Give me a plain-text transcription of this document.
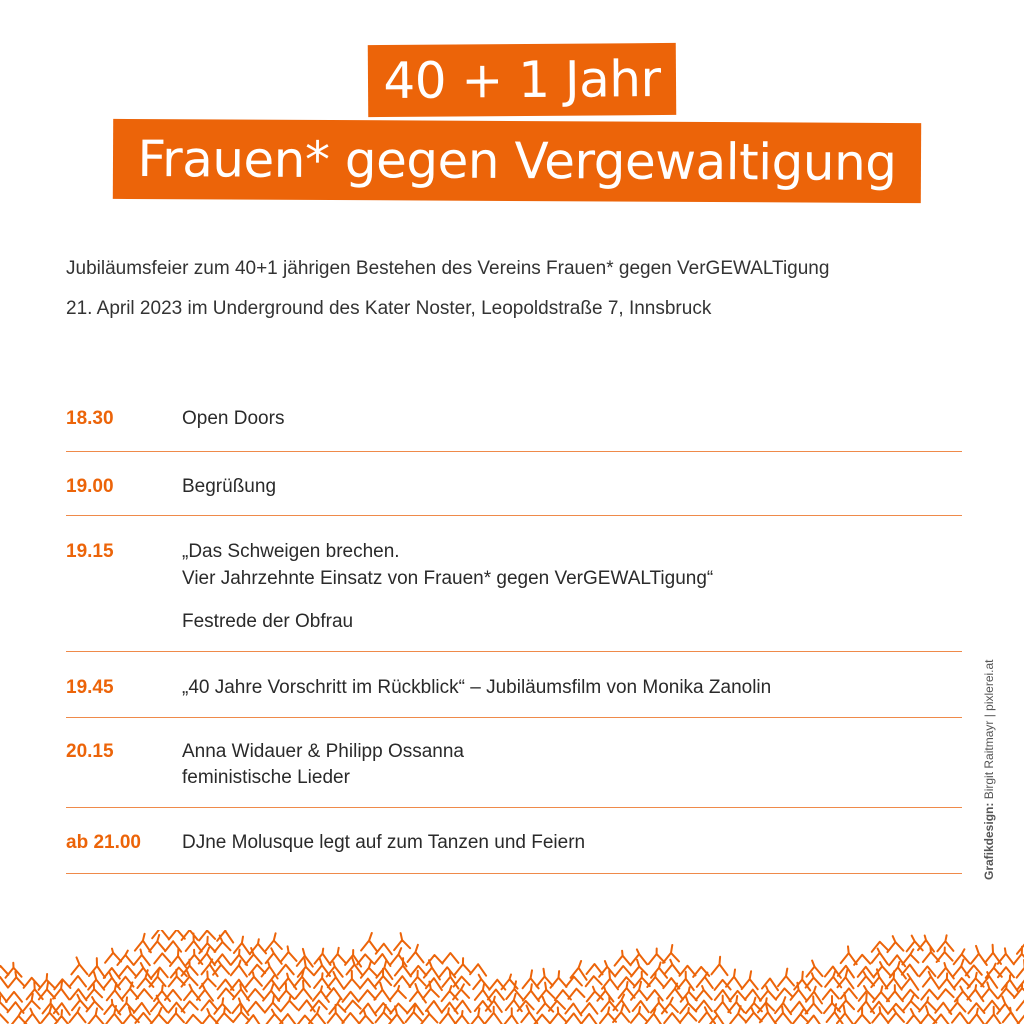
40 + 1 Jahr
Frauen* gegen Vergewaltigung
Jubiläumsfeier zum 40+1 jährigen Bestehen des Vereins Frauen* gegen VerGEWALTigung
21. April 2023 im Underground des Kater Noster, Leopoldstraße 7, Innsbruck
18.30	Open Doors
19.00	Begrüßung
19.15	„Das Schweigen brechen.
Vier Jahrzehnte Einsatz von Frauen* gegen VerGEWALTigung“
Festrede der Obfrau
19.45	„40 Jahre Vorschritt im Rückblick“ – Jubiläumsfilm von Monika Zanolin
20.15	Anna Widauer & Philipp Ossanna
feministische Lieder
ab 21.00 DJne Molusque legt auf zum Tanzen und Feiern	Grafikdesign: Birgit Raitmayr | pixlerei.at
